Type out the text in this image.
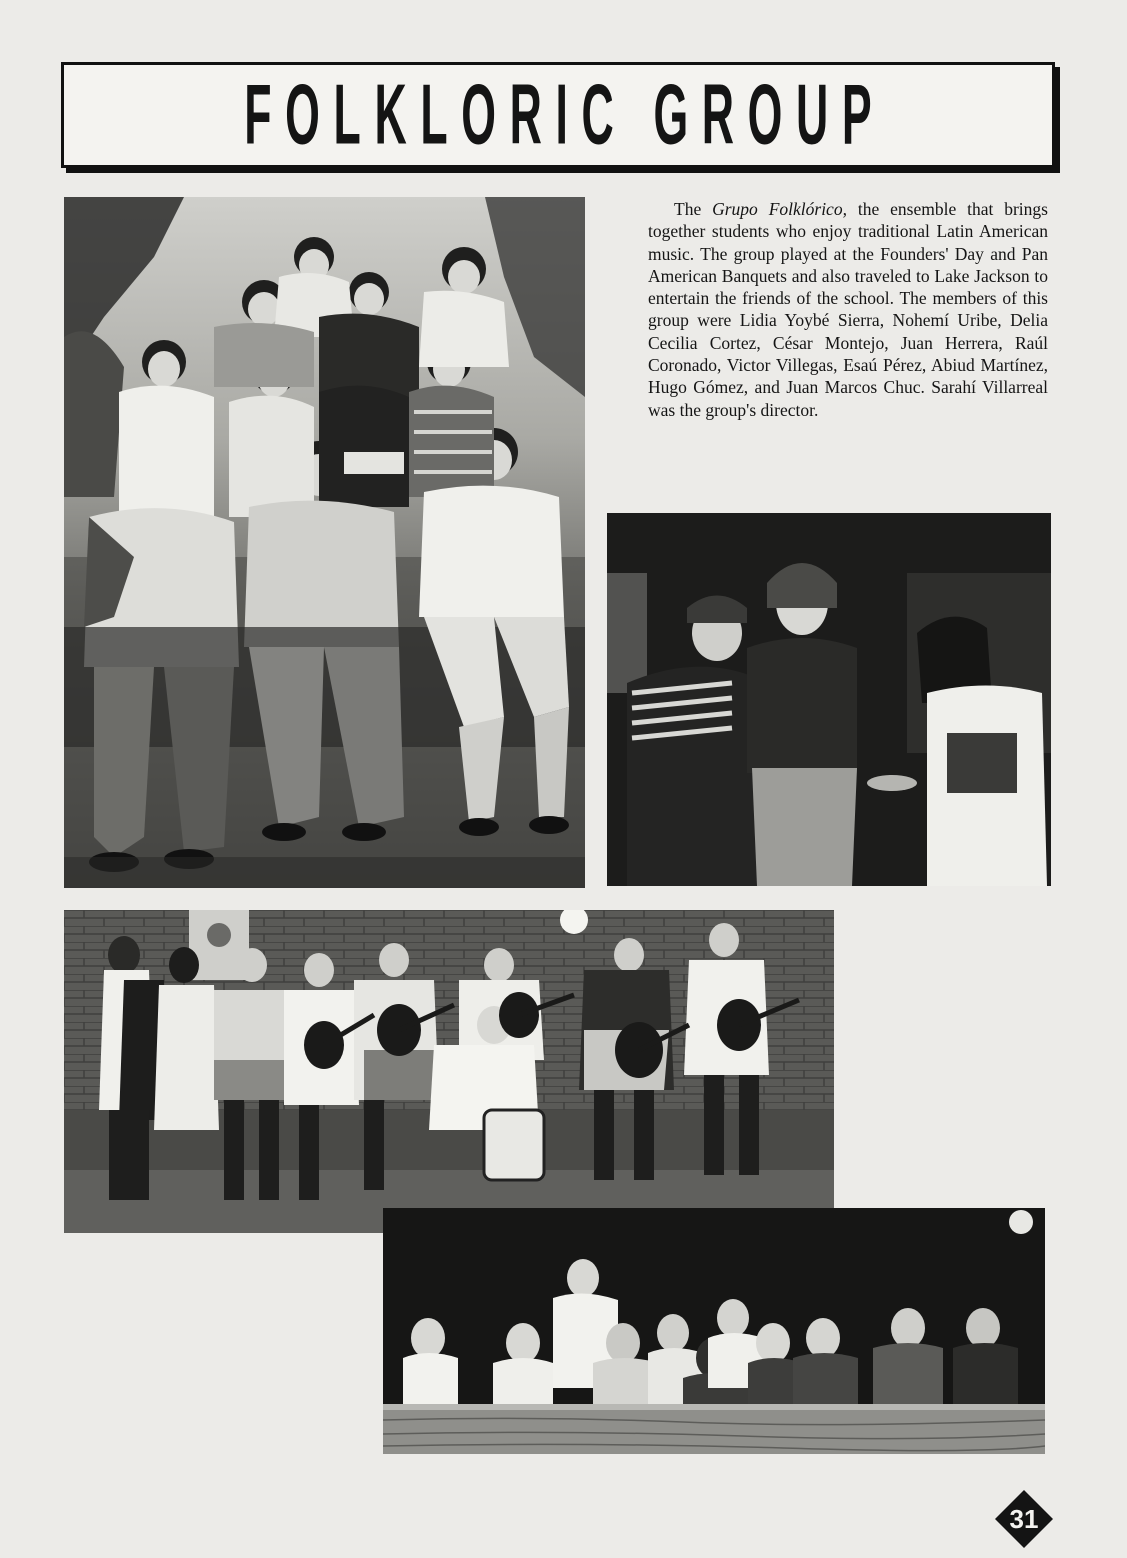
FOLKLORIC GROUP

The Grupo Folklórico, the ensemble that brings together students who enjoy traditional Latin American music. The group played at the Founders' Day and Pan American Banquets and also traveled to Lake Jackson to entertain the friends of the school. The members of this group were Lidia Yoybé Sierra, Nohemí Uribe, Delia Cecilia Cortez, César Montejo, Juan Herrera, Raúl Coronado, Victor Villegas, Esaú Pérez, Abiud Martínez, Hugo Gómez, and Juan Marcos Chuc. Sarahí Villarreal was the group's director.

31
